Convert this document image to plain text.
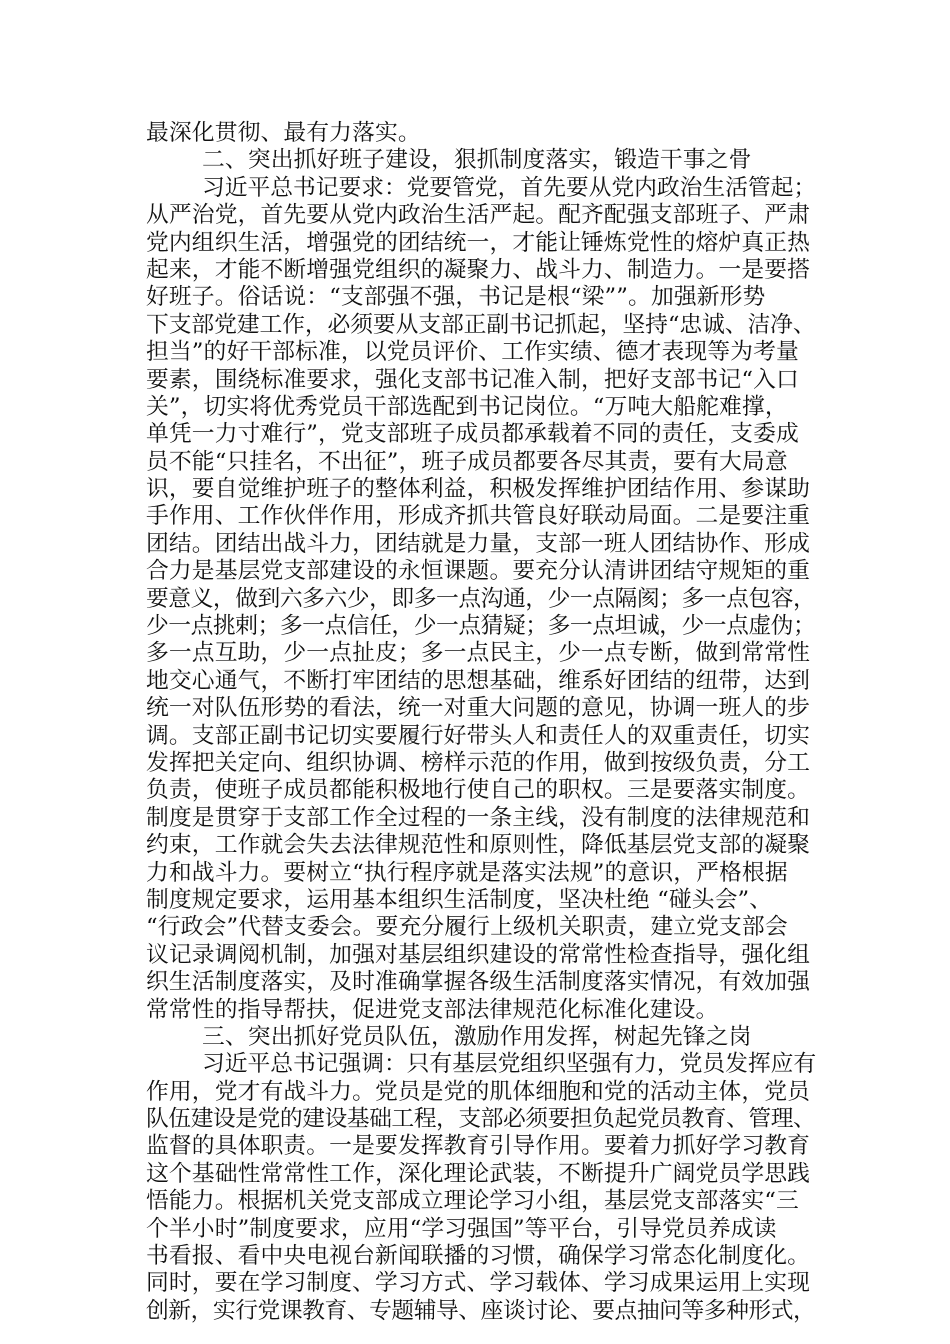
最深化贯彻、最有力落实。
二、突出抓好班子建设，狠抓制度落实，锻造干事之骨
习近平总书记要求：党要管党，首先要从党内政治生活管起；
从严治党，首先要从党内政治生活严起。配齐配强支部班子、严肃
党内组织生活，增强党的团结统一，才能让锤炼党性的熔炉真正热
起来，才能不断增强党组织的凝聚力、战斗力、制造力。一是要搭
好班子。俗话说：“支部强不强，书记是根“梁””。加强新形势
下支部党建工作，必须要从支部正副书记抓起，坚持“忠诚、洁净、
担当”的好干部标准，以党员评价、工作实绩、德才表现等为考量
要素，围绕标准要求，强化支部书记准入制，把好支部书记“入口
关”，切实将优秀党员干部选配到书记岗位。“万吨大船舵难撑，
单凭一力寸难行”，党支部班子成员都承载着不同的责任，支委成
员不能“只挂名，不出征”，班子成员都要各尽其责，要有大局意
识，要自觉维护班子的整体利益，积极发挥维护团结作用、参谋助
手作用、工作伙伴作用，形成齐抓共管良好联动局面。二是要注重
团结。团结出战斗力，团结就是力量，支部一班人团结协作、形成
合力是基层党支部建设的永恒课题。要充分认清讲团结守规矩的重
要意义，做到六多六少，即多一点沟通，少一点隔阂；多一点包容，
少一点挑剌；多一点信任，少一点猜疑；多一点坦诚，少一点虚伪；
多一点互助，少一点扯皮；多一点民主，少一点专断，做到常常性
地交心通气，不断打牢团结的思想基础，维系好团结的纽带，达到
统一对队伍形势的看法，统一对重大问题的意见，协调一班人的步
调。支部正副书记切实要履行好带头人和责任人的双重责任，切实
发挥把关定向、组织协调、榜样示范的作用，做到按级负责，分工
负责，使班子成员都能积极地行使自己的职权。三是要落实制度。
制度是贯穿于支部工作全过程的一条主线，没有制度的法律规范和
约束，工作就会失去法律规范性和原则性，降低基层党支部的凝聚
力和战斗力。要树立“执行程序就是落实法规”的意识，严格根据
制度规定要求，运用基本组织生活制度，坚决杜绝 “碰头会”、
“行政会”代替支委会。要充分履行上级机关职责，建立党支部会
议记录调阅机制，加强对基层组织建设的常常性检查指导，强化组
织生活制度落实，及时准确掌握各级生活制度落实情况，有效加强
常常性的指导帮扶，促进党支部法律规范化标准化建设。
三、突出抓好党员队伍，激励作用发挥，树起先锋之岗
习近平总书记强调：只有基层党组织坚强有力，党员发挥应有
作用，党才有战斗力。党员是党的肌体细胞和党的活动主体，党员
队伍建设是党的建设基础工程，支部必须要担负起党员教育、管理、
监督的具体职责。一是要发挥教育引导作用。要着力抓好学习教育
这个基础性常常性工作，深化理论武装，不断提升广阔党员学思践
悟能力。根据机关党支部成立理论学习小组，基层党支部落实“三
个半小时”制度要求，应用“学习强国”等平台，引导党员养成读
书看报、看中央电视台新闻联播的习惯，确保学习常态化制度化。
同时，要在学习制度、学习方式、学习载体、学习成果运用上实现
创新，实行党课教育、专题辅导、座谈讨论、要点抽问等多种形式，
